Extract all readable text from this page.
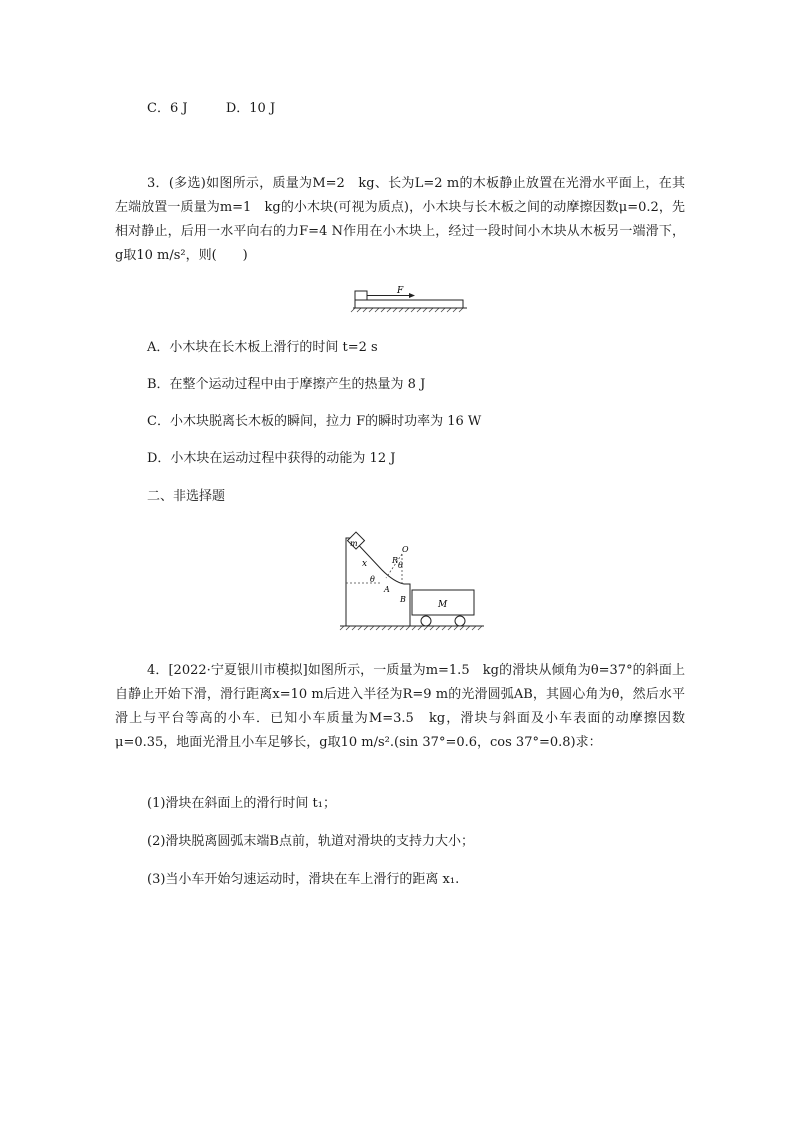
C．6 J	D．10 J

3．(多选)如图所示，质量为M=2　kg、长为L=2 m的木板静止放置在光滑水平面上，在其左端放置一质量为m=1　kg的小木块(可视为质点)，小木块与长木板之间的动摩擦因数μ=0.2，先相对静止，后用一水平向右的力F=4 N作用在小木块上，经过一段时间小木块从木板另一端滑下，g取10 m/s²，则(　　)

F
A．小木块在长木板上滑行的时间 t=2 s
B．在整个运动过程中由于摩擦产生的热量为 8 J
C．小木块脱离长木板的瞬间，拉力 F的瞬时功率为 16 W
D．小木块在运动过程中获得的动能为 12 J
二、非选择题
m
x
θ
R
O
θ
A
B
M

4．[2022·宁夏银川市模拟]如图所示，一质量为m=1.5　kg的滑块从倾角为θ=37°的斜面上自静止开始下滑，滑行距离x=10 m后进入半径为R=9 m的光滑圆弧AB，其圆心角为θ，然后水平滑上与平台等高的小车．已知小车质量为M=3.5　kg，滑块与斜面及小车表面的动摩擦因数μ=0.35，地面光滑且小车足够长，g取10 m/s².(sin 37°=0.6，cos 37°=0.8)求：

(1)滑块在斜面上的滑行时间 t₁；
(2)滑块脱离圆弧末端B点前，轨道对滑块的支持力大小；
(3)当小车开始匀速运动时，滑块在车上滑行的距离 x₁.
